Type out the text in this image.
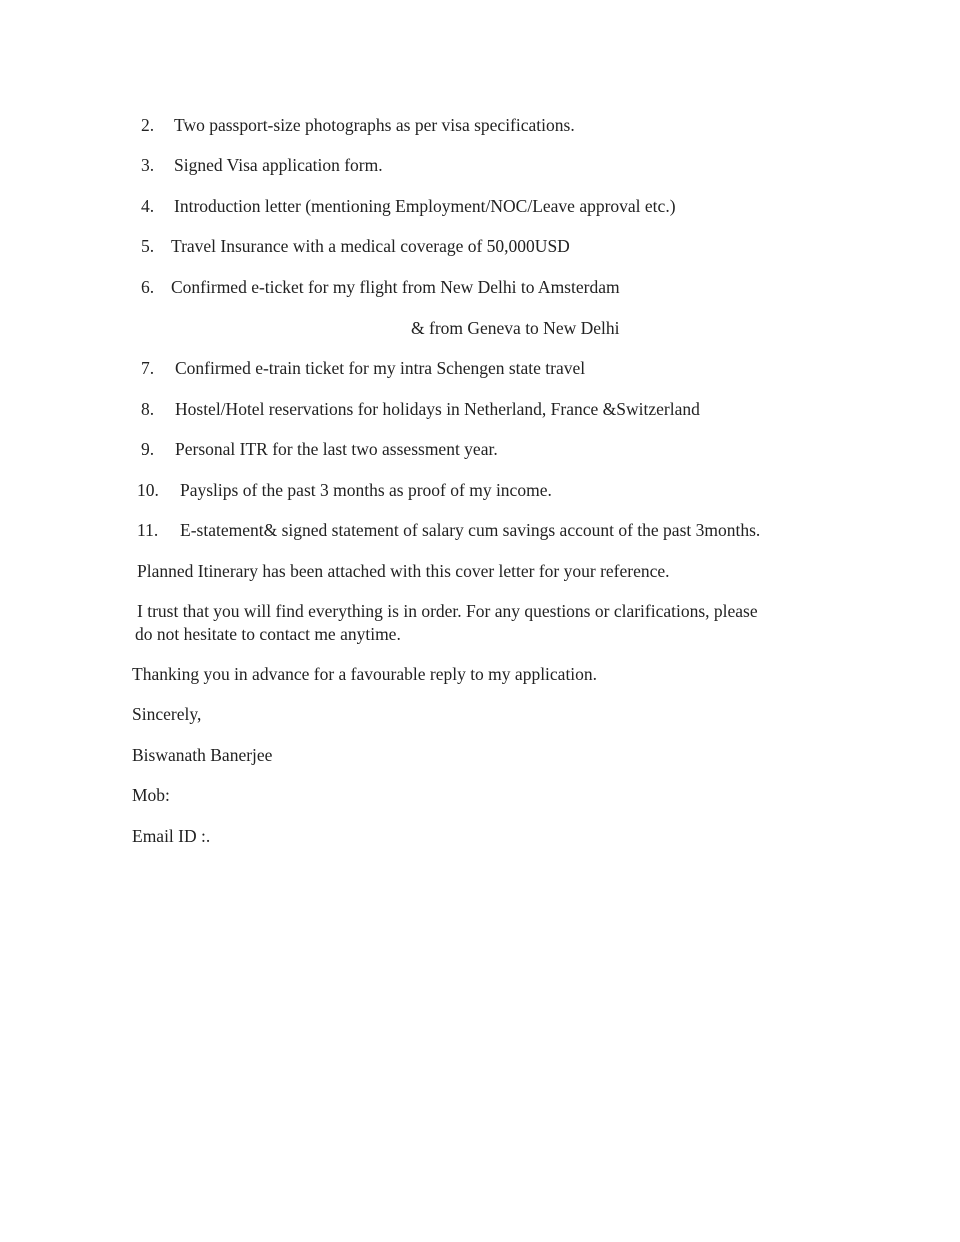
2. Two passport-size photographs as per visa specifications.
3. Signed Visa application form.
4. Introduction letter (mentioning Employment/NOC/Leave approval etc.)
5. Travel Insurance with a medical coverage of 50,000USD
6. Confirmed e-ticket for my flight from New Delhi to Amsterdam
& from Geneva to New Delhi
7. Confirmed e-train ticket for my intra Schengen state travel
8. Hostel/Hotel reservations for holidays in Netherland, France &Switzerland
9. Personal ITR for the last two assessment year.
10. Payslips of the past 3 months as proof of my income.
11. E-statement& signed statement of salary cum savings account of the past 3months.
Planned Itinerary has been attached with this cover letter for your reference.
I trust that you will find everything is in order. For any questions or clarifications, please
do not hesitate to contact me anytime.
Thanking you in advance for a favourable reply to my application.
Sincerely,
Biswanath Banerjee
Mob:
Email ID :.
